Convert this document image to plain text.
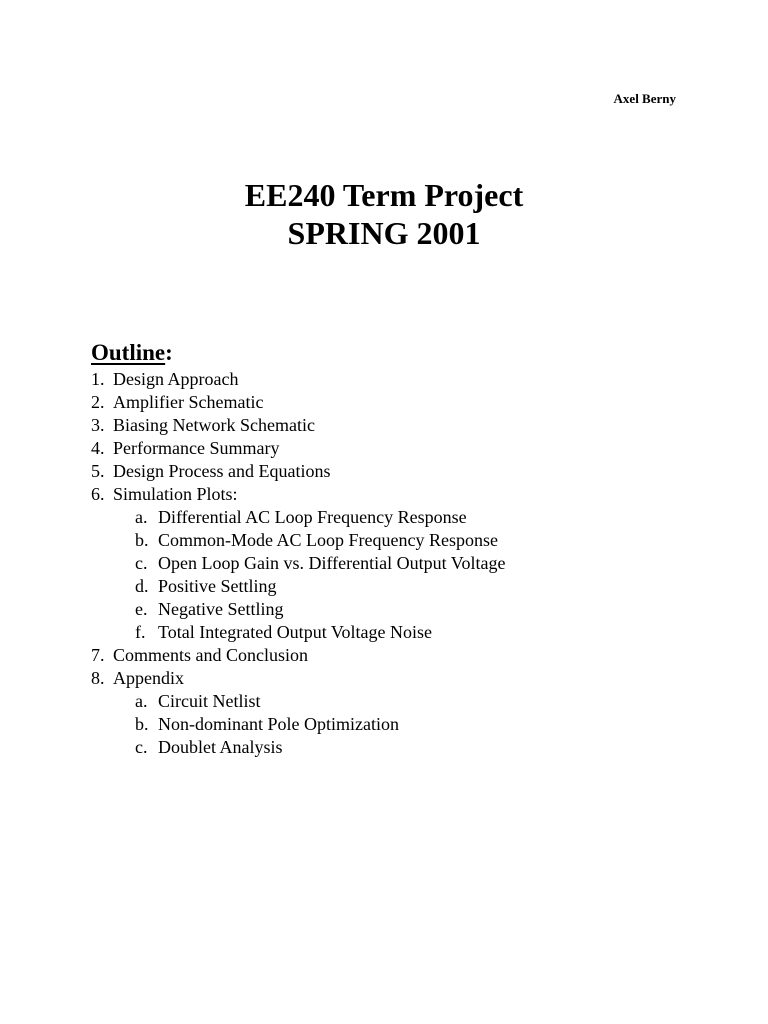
Axel Berny
EE240 Term Project
SPRING 2001
Outline:
1. Design Approach
2. Amplifier Schematic
3. Biasing Network Schematic
4. Performance Summary
5. Design Process and Equations
6. Simulation Plots:
a. Differential AC Loop Frequency Response
b. Common-Mode AC Loop Frequency Response
c. Open Loop Gain vs. Differential Output Voltage
d. Positive Settling
e. Negative Settling
f. Total Integrated Output Voltage Noise
7. Comments and Conclusion
8. Appendix
a. Circuit Netlist
b. Non-dominant Pole Optimization
c. Doublet Analysis
